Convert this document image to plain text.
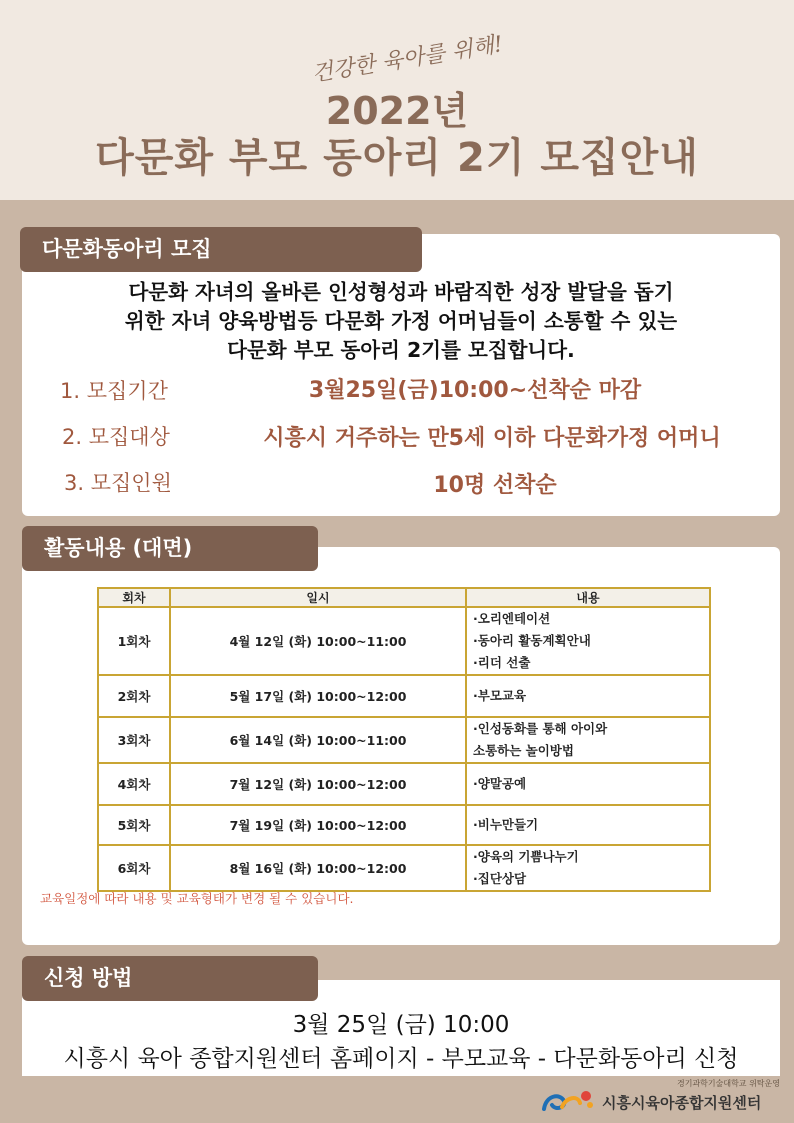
건강한 육아를 위해!
2022년
다문화 부모 동아리 2기 모집안내
다문화동아리 모집
다문화 자녀의 올바른 인성형성과 바람직한 성장 발달을 돕기
위한 자녀 양육방법등 다문화 가정 어머님들이 소통할 수 있는
다문화 부모 동아리 2기를 모집합니다.
1. 모집기간	3월25일(금)10:00~선착순 마감
2. 모집대상	시흥시 거주하는 만5세 이하 다문화가정 어머니
3. 모집인원	10명 선착순
활동내용 (대면)
회차	일시	내용
1회차	4월 12일 (화) 10:00~11:00	·오리엔테이션
·동아리 활동계획안내
·리더 선출

2회차	5월 17일 (화) 10:00~12:00	·부모교육

3회차	6월 14일 (화) 10:00~11:00	·인성동화를 통해 아이와
소통하는 놀이방법

4회차	7월 12일 (화) 10:00~12:00	·양말공예

5회차	7월 19일 (화) 10:00~12:00	·비누만들기

6회차	8월 16일 (화) 10:00~12:00	·양육의 기쁨나누기
·집단상담
교육일정에 따라 내용 및 교육형태가 변경 될 수 있습니다.
신청 방법
3월 25일 (금) 10:00
시흥시 육아 종합지원센터 홈페이지 - 부모교육 - 다문화동아리 신청
경기과학기술대학교 위탁운영
시흥시육아종합지원센터
